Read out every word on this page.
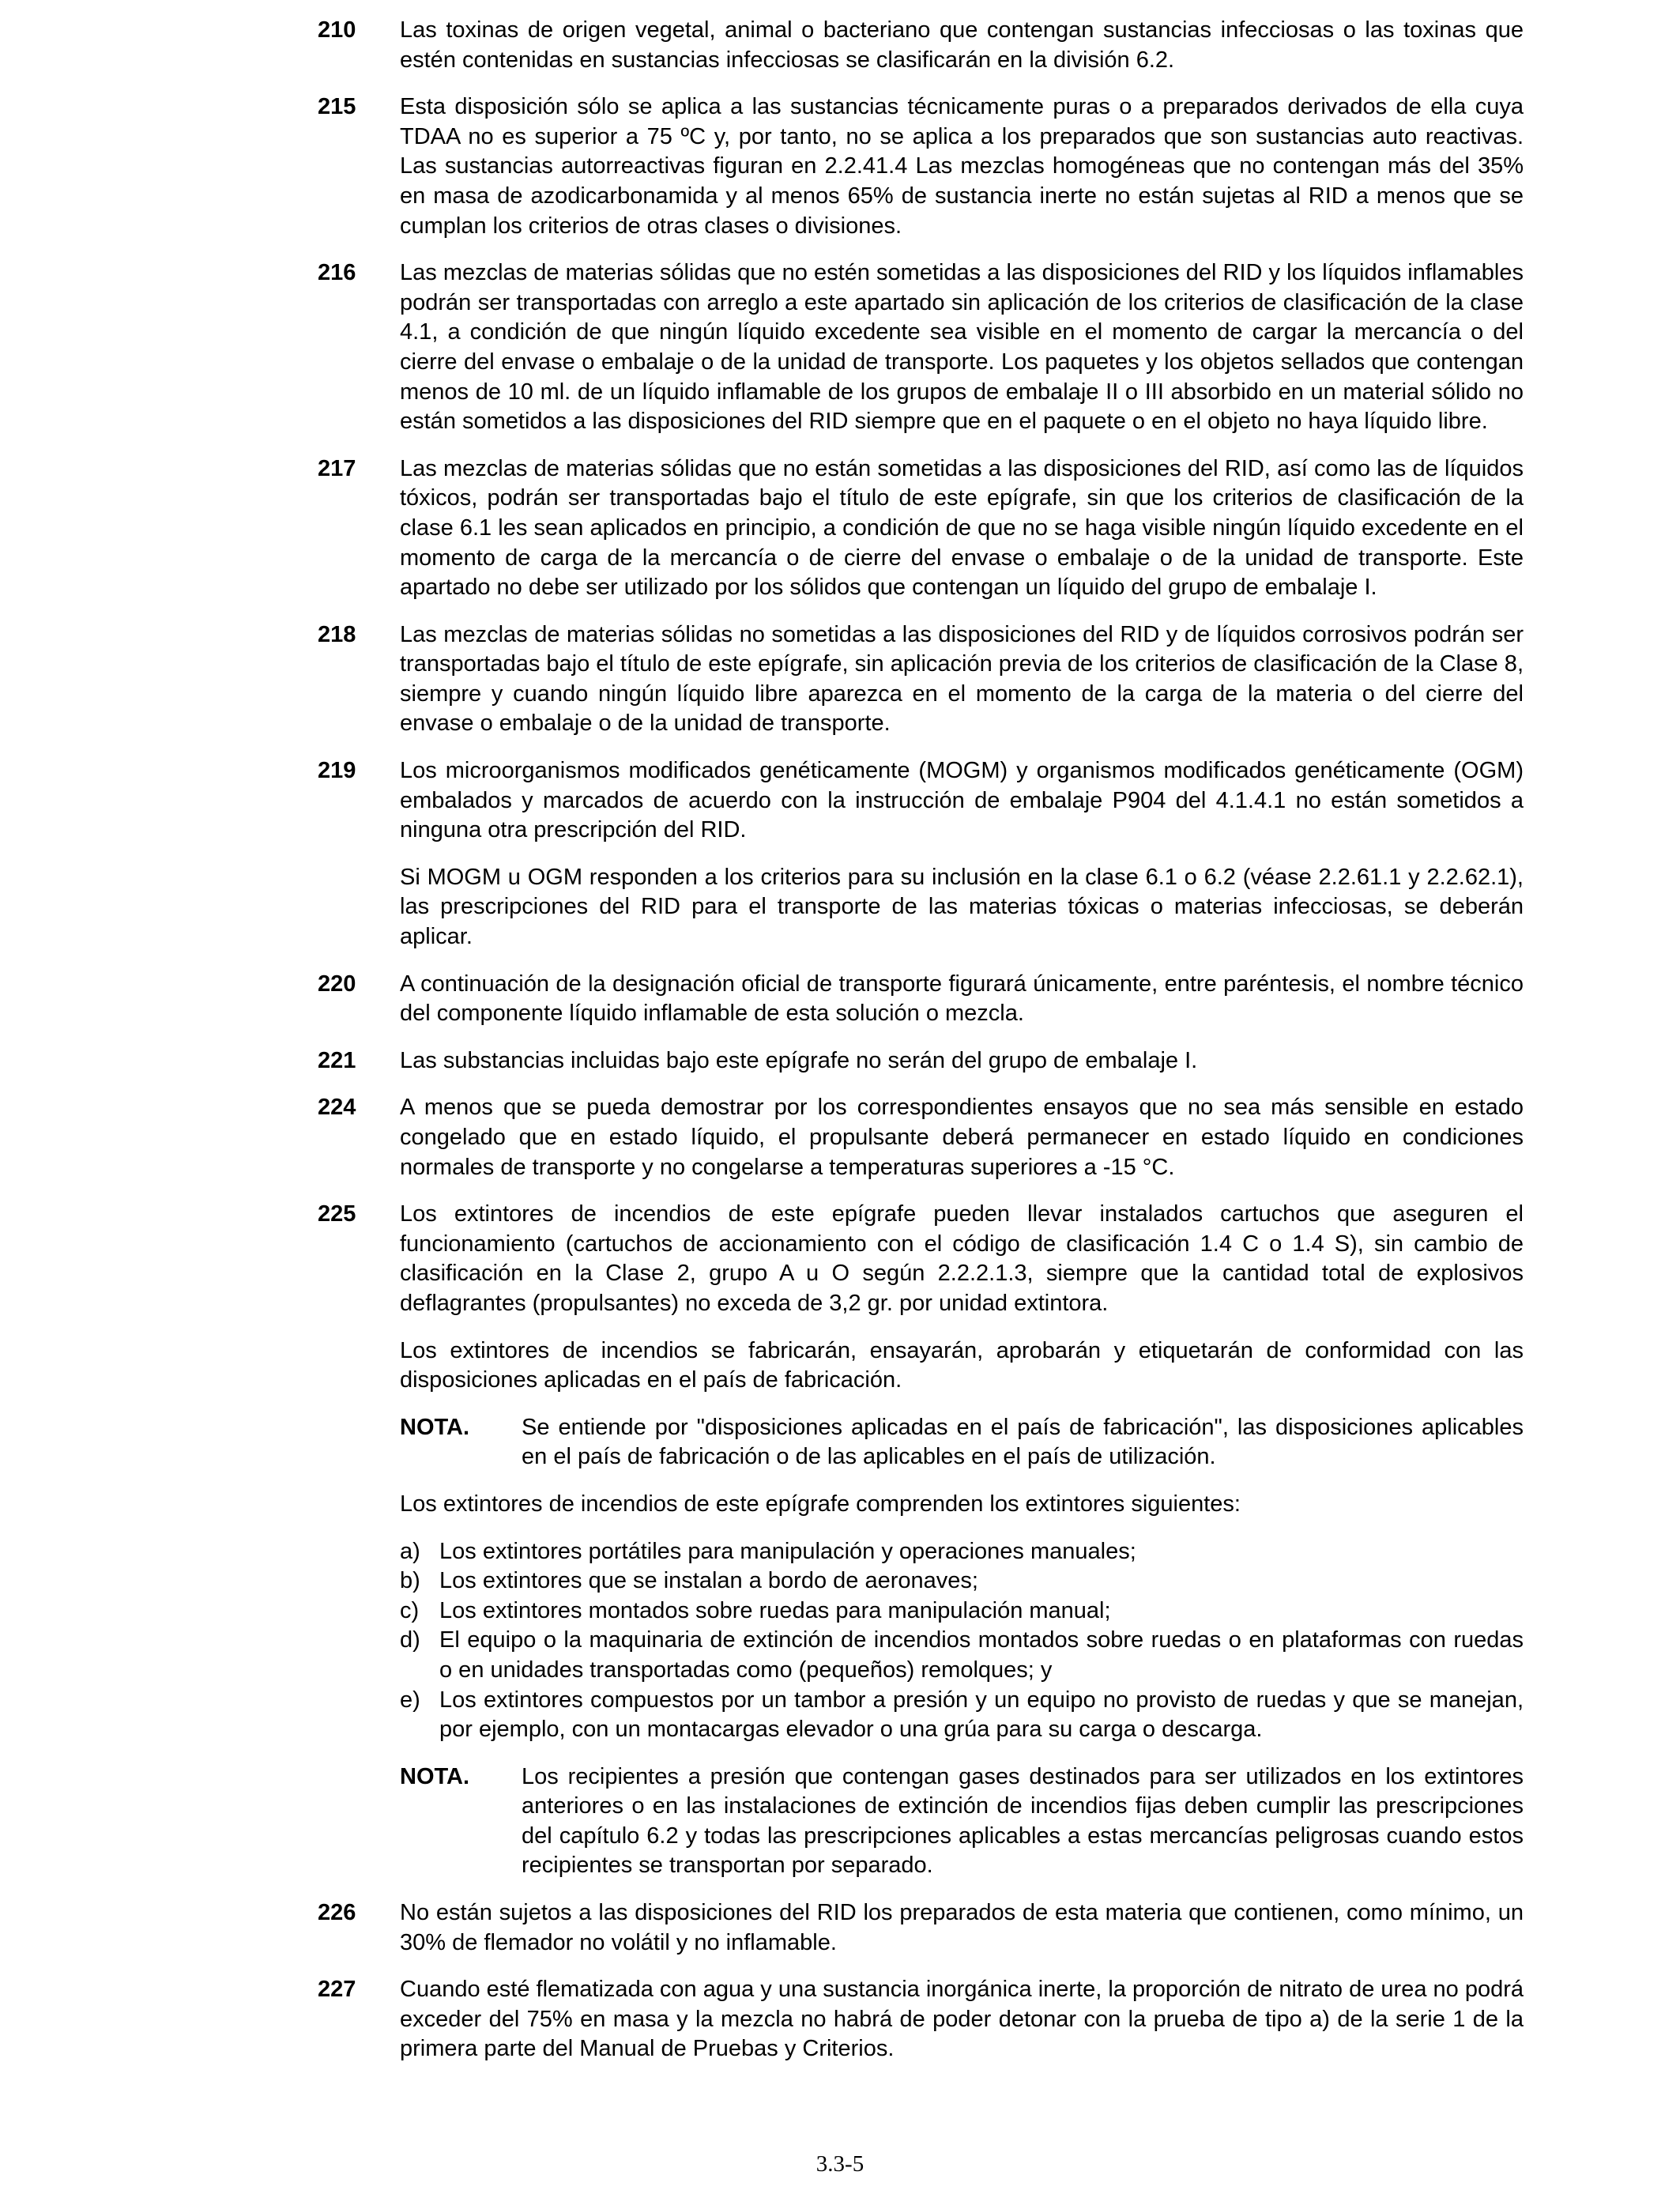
210	Las toxinas de origen vegetal, animal o bacteriano que contengan sustancias infecciosas o las toxinas que estén contenidas en sustancias infecciosas se clasificarán en la división 6.2.

215	Esta disposición sólo se aplica a las sustancias técnicamente puras o a preparados derivados de ella cuya TDAA no es superior a 75 ºC y, por tanto, no se aplica a los preparados que son sustancias auto reactivas. Las sustancias autorreactivas figuran en 2.2.41.4 Las mezclas homogéneas que no contengan más del 35% en masa de azodicarbonamida y al menos 65% de sustancia inerte no están sujetas al RID a menos que se cumplan los criterios de otras clases o divisiones.

216	Las mezclas de materias sólidas que no estén sometidas a las disposiciones del RID y los líquidos inflamables podrán ser transportadas con arreglo a este apartado sin aplicación de los criterios de clasificación de la clase 4.1, a condición de que ningún líquido excedente sea visible en el momento de cargar la mercancía o del cierre del envase o embalaje o de la unidad de transporte. Los paquetes y los objetos sellados que contengan menos de 10 ml. de un líquido inflamable de los grupos de embalaje II o III absorbido en un material sólido no están sometidos a las disposiciones del RID siempre que en el paquete o en el objeto no haya líquido libre.

217	Las mezclas de materias sólidas que no están sometidas a las disposiciones del RID, así como las de líquidos tóxicos, podrán ser transportadas bajo el título de este epígrafe, sin que los criterios de clasificación de la clase 6.1 les sean aplicados en principio, a condición de que no se haga visible ningún líquido excedente en el momento de carga de la mercancía o de cierre del envase o embalaje o de la unidad de transporte. Este apartado no debe ser utilizado por los sólidos que contengan un líquido del grupo de embalaje I.

218	Las mezclas de materias sólidas no sometidas a las disposiciones del RID y de líquidos corrosivos podrán ser transportadas bajo el título de este epígrafe, sin aplicación previa de los criterios de clasificación de la Clase 8, siempre y cuando ningún líquido libre aparezca en el momento de la carga de la materia o del cierre del envase o embalaje o de la unidad de transporte.

219	Los microorganismos modificados genéticamente (MOGM) y organismos modificados genéticamente (OGM) embalados y marcados de acuerdo con la instrucción de embalaje P904 del 4.1.4.1 no están sometidos a ninguna otra prescripción del RID.

Si MOGM u OGM responden a los criterios para su inclusión en la clase 6.1 o 6.2 (véase 2.2.61.1 y 2.2.62.1), las prescripciones del RID para el transporte de las materias tóxicas o materias infecciosas, se deberán aplicar.

220	A continuación de la designación oficial de transporte figurará únicamente, entre paréntesis, el nombre técnico del componente líquido inflamable de esta solución o mezcla.

221	Las substancias incluidas bajo este epígrafe no serán del grupo de embalaje I.

224	A menos que se pueda demostrar por los correspondientes ensayos que no sea más sensible en estado congelado que en estado líquido, el propulsante deberá permanecer en estado líquido en condiciones normales de transporte y no congelarse a temperaturas superiores a -15 °C.

225	Los extintores de incendios de este epígrafe pueden llevar instalados cartuchos que aseguren el funcionamiento (cartuchos de accionamiento con el código de clasificación 1.4 C o 1.4 S), sin cambio de clasificación en la Clase 2, grupo A u O según 2.2.2.1.3, siempre que la cantidad total de explosivos deflagrantes (propulsantes) no exceda de 3,2 gr. por unidad extintora.

Los extintores de incendios se fabricarán, ensayarán, aprobarán y etiquetarán de conformidad con las disposiciones aplicadas en el país de fabricación.

NOTA.	Se entiende por "disposiciones aplicadas en el país de fabricación", las disposiciones aplicables en el país de fabricación o de las aplicables en el país de utilización.

Los extintores de incendios de este epígrafe comprenden los extintores siguientes:

a) Los extintores portátiles para manipulación y operaciones manuales;
b) Los extintores que se instalan a bordo de aeronaves;
c) Los extintores montados sobre ruedas para manipulación manual;
d) El equipo o la maquinaria de extinción de incendios montados sobre ruedas o en plataformas con ruedas o en unidades transportadas como (pequeños) remolques; y
e) Los extintores compuestos por un tambor a presión y un equipo no provisto de ruedas y que se manejan, por ejemplo, con un montacargas elevador o una grúa para su carga o descarga.
NOTA.	Los recipientes a presión que contengan gases destinados para ser utilizados en los extintores anteriores o en las instalaciones de extinción de incendios fijas deben cumplir las prescripciones del capítulo 6.2 y todas las prescripciones aplicables a estas mercancías peligrosas cuando estos recipientes se transportan por separado.

226	No están sujetos a las disposiciones del RID los preparados de esta materia que contienen, como mínimo, un 30% de flemador no volátil y no inflamable.

227	Cuando esté flematizada con agua y una sustancia inorgánica inerte, la proporción de nitrato de urea no podrá exceder del 75% en masa y la mezcla no habrá de poder detonar con la prueba de tipo a) de la serie 1 de la primera parte del Manual de Pruebas y Criterios.

3.3-5
